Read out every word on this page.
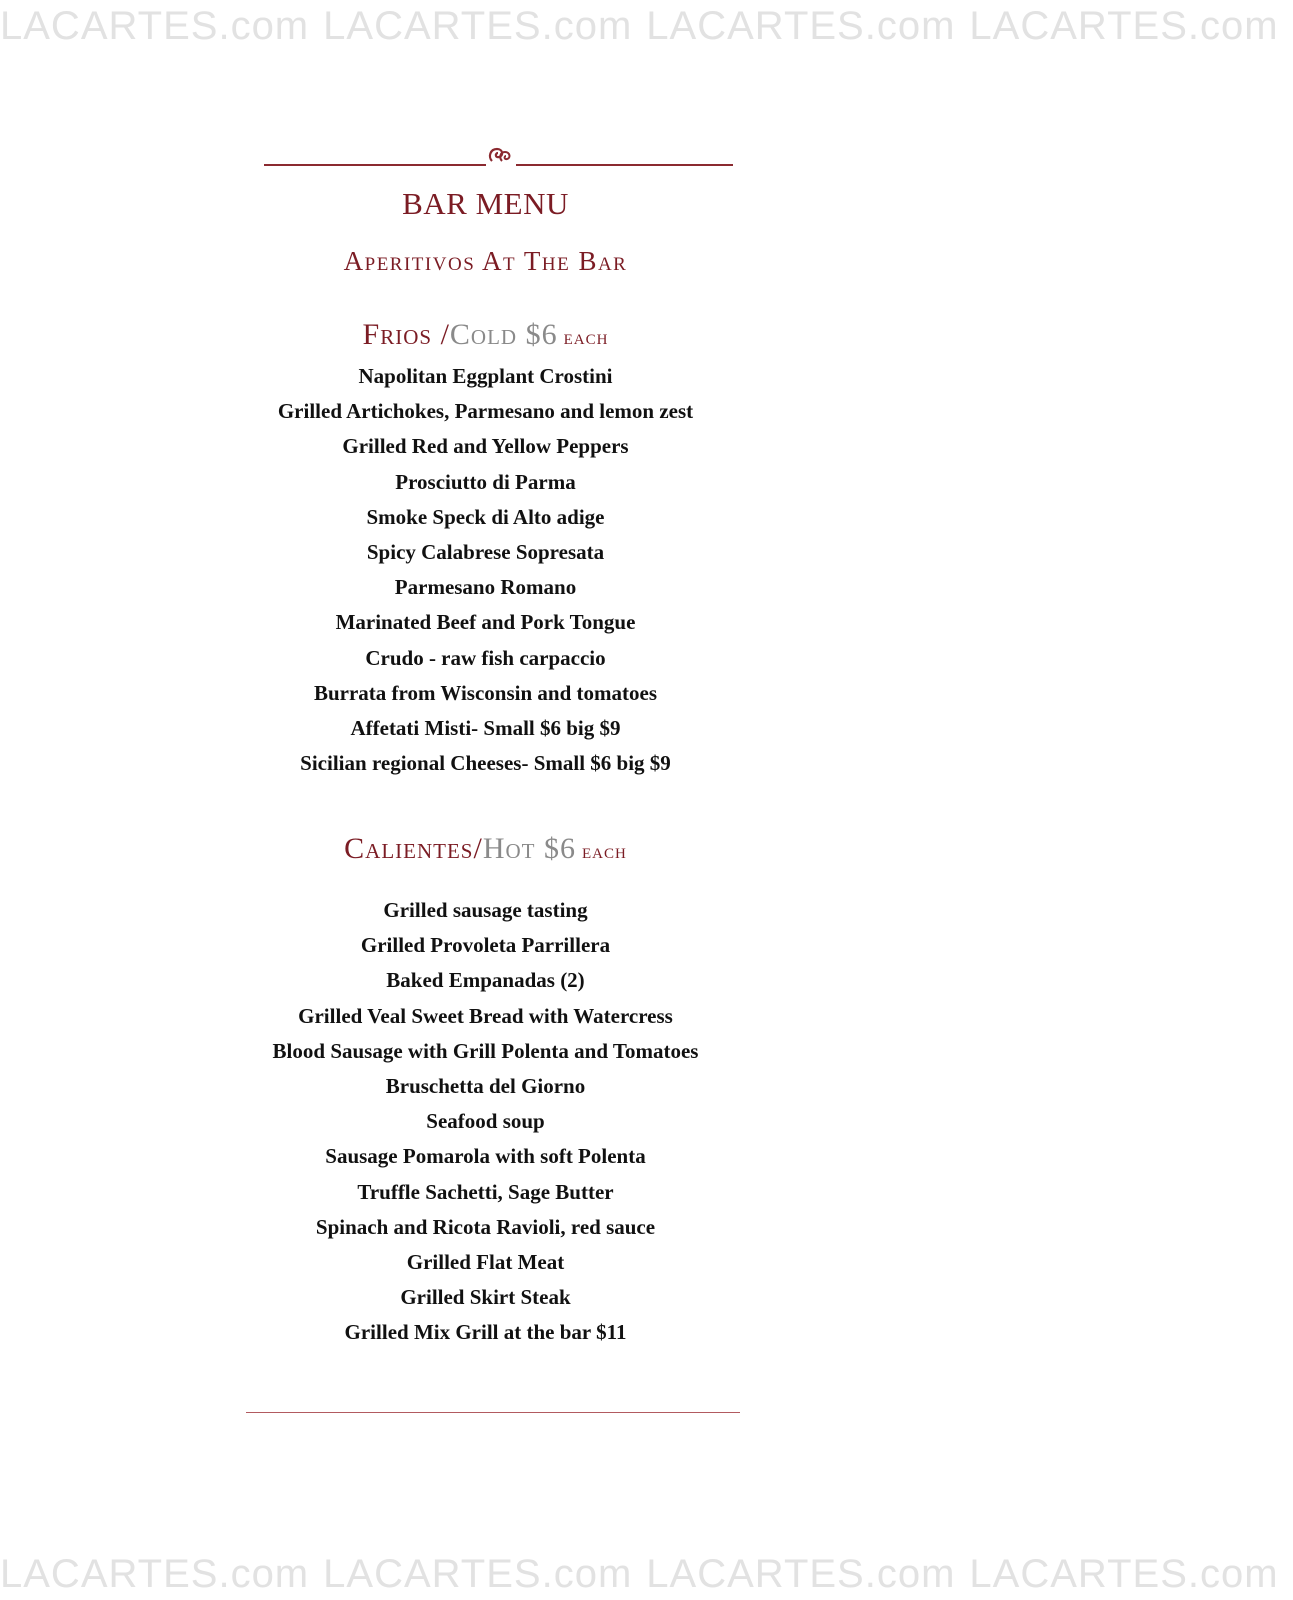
LACARTES.com LACARTES.com LACARTES.com LACARTES.com
BAR MENU
Aperitivos At The Bar
Frios /Cold $6 each
Napolitan Eggplant Crostini
Grilled Artichokes, Parmesano and lemon zest
Grilled Red and Yellow Peppers
Prosciutto di Parma
Smoke Speck di Alto adige
Spicy Calabrese Sopresata
Parmesano Romano
Marinated Beef and Pork Tongue
Crudo - raw fish carpaccio
Burrata from Wisconsin and tomatoes
Affetati Misti- Small $6 big $9
Sicilian regional Cheeses- Small $6 big $9
Calientes/Hot $6 each
Grilled sausage tasting
Grilled Provoleta Parrillera
Baked Empanadas (2)
Grilled Veal Sweet Bread with Watercress
Blood Sausage with Grill Polenta and Tomatoes
Bruschetta del Giorno
Seafood soup
Sausage Pomarola with soft Polenta
Truffle Sachetti, Sage Butter
Spinach and Ricota Ravioli, red sauce
Grilled Flat Meat
Grilled Skirt Steak
Grilled Mix Grill at the bar $11
LACARTES.com LACARTES.com LACARTES.com LACARTES.com
